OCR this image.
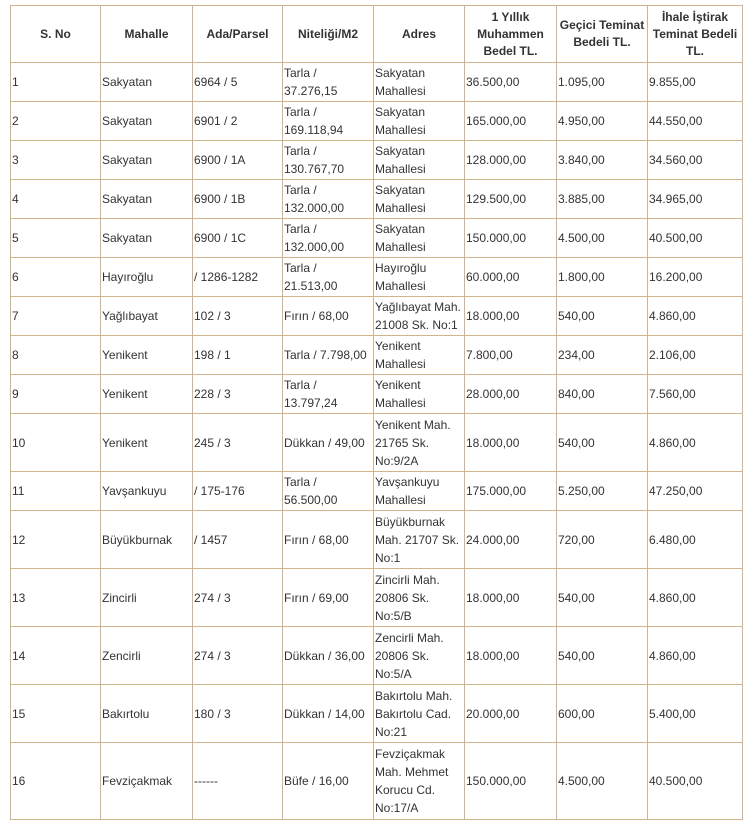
S. No	Mahalle	Ada/Parsel	Niteliği/M2	Adres	1 Yıllık Muhammen Bedel TL.	Geçici Teminat Bedeli TL.	İhale İştirak Teminat Bedeli TL.
1	Sakyatan	6964 / 5	Tarla / 37.276,15	Sakyatan Mahallesi	36.500,00	1.095,00	9.855,00
2	Sakyatan	6901 / 2	Tarla / 169.118,94	Sakyatan Mahallesi	165.000,00	4.950,00	44.550,00
3	Sakyatan	6900 / 1A	Tarla / 130.767,70	Sakyatan Mahallesi	128.000,00	3.840,00	34.560,00
4	Sakyatan	6900 / 1B	Tarla / 132.000,00	Sakyatan Mahallesi	129.500,00	3.885,00	34.965,00
5	Sakyatan	6900 / 1C	Tarla / 132.000,00	Sakyatan Mahallesi	150.000,00	4.500,00	40.500,00
6	Hayıroğlu	/ 1286-1282	Tarla / 21.513,00	Hayıroğlu Mahallesi	60.000,00	1.800,00	16.200,00
7	Yağlıbayat	102 / 3	Fırın / 68,00	Yağlıbayat Mah. 21008 Sk. No:1	18.000,00	540,00	4.860,00
8	Yenikent	198 / 1	Tarla / 7.798,00	Yenikent Mahallesi	7.800,00	234,00	2.106,00
9	Yenikent	228 / 3	Tarla / 13.797,24	Yenikent Mahallesi	28.000,00	840,00	7.560,00
10	Yenikent	245 / 3	Dükkan / 49,00	Yenikent Mah. 21765 Sk. No:9/2A	18.000,00	540,00	4.860,00
11	Yavşankuyu	/ 175-176	Tarla / 56.500,00	Yavşankuyu Mahallesi	175.000,00	5.250,00	47.250,00
12	Büyükburnak	/ 1457	Fırın / 68,00	Büyükburnak Mah. 21707 Sk. No:1	24.000,00	720,00	6.480,00
13	Zincirli	274 / 3	Fırın / 69,00	Zincirli Mah. 20806 Sk. No:5/B	18.000,00	540,00	4.860,00
14	Zencirli	274 / 3	Dükkan / 36,00	Zencirli Mah. 20806 Sk. No:5/A	18.000,00	540,00	4.860,00
15	Bakırtolu	180 / 3	Dükkan / 14,00	Bakırtolu Mah. Bakırtolu Cad. No:21	20.000,00	600,00	5.400,00
16	Fevziçakmak	------	Büfe / 16,00	Fevziçakmak Mah. Mehmet Korucu Cd. No:17/A	150.000,00	4.500,00	40.500,00
